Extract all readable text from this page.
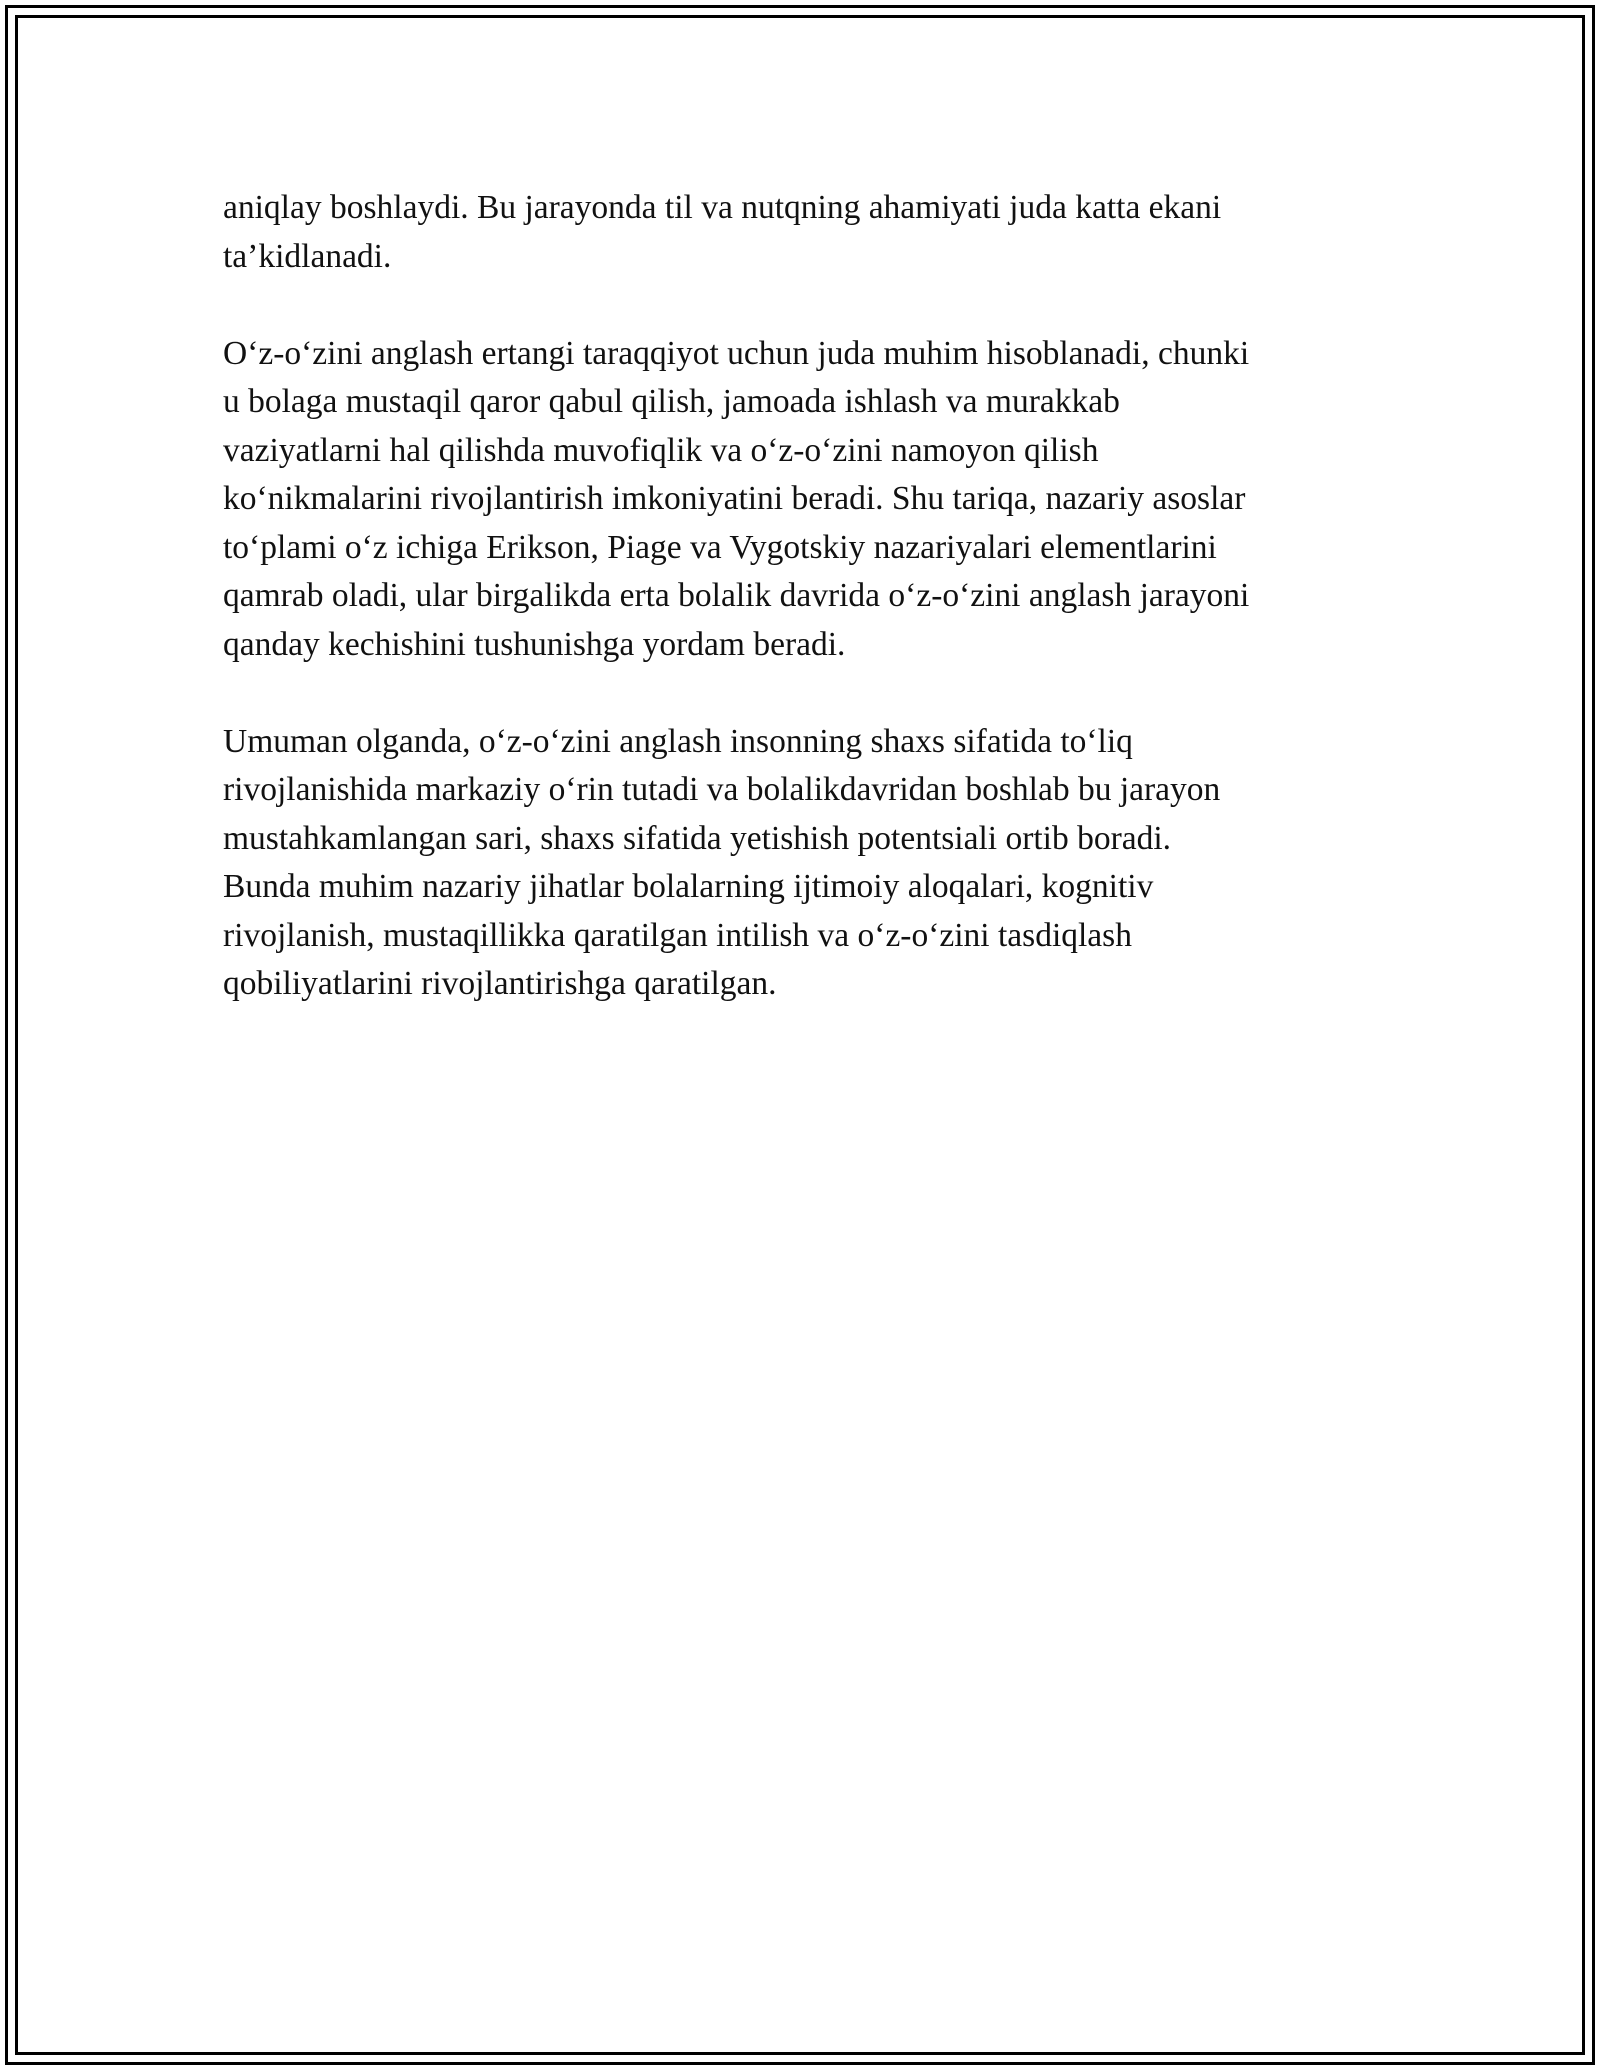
aniqlay boshlaydi. Bu jarayonda til va nutqning ahamiyati juda katta ekani
ta’kidlanadi.

O‘z-o‘zini anglash ertangi taraqqiyot uchun juda muhim hisoblanadi, chunki
u bolaga mustaqil qaror qabul qilish, jamoada ishlash va murakkab
vaziyatlarni hal qilishda muvofiqlik va o‘z-o‘zini namoyon qilish
ko‘nikmalarini rivojlantirish imkoniyatini beradi. Shu tariqa, nazariy asoslar
to‘plami o‘z ichiga Erikson, Piage va Vygotskiy nazariyalari elementlarini
qamrab oladi, ular birgalikda erta bolalik davrida o‘z-o‘zini anglash jarayoni
qanday kechishini tushunishga yordam beradi.

Umuman olganda, o‘z-o‘zini anglash insonning shaxs sifatida to‘liq
rivojlanishida markaziy o‘rin tutadi va bolalikdavridan boshlab bu jarayon
mustahkamlangan sari, shaxs sifatida yetishish potentsiali ortib boradi.
Bunda muhim nazariy jihatlar bolalarning ijtimoiy aloqalari, kognitiv
rivojlanish, mustaqillikka qaratilgan intilish va o‘z-o‘zini tasdiqlash
qobiliyatlarini rivojlantirishga qaratilgan.
